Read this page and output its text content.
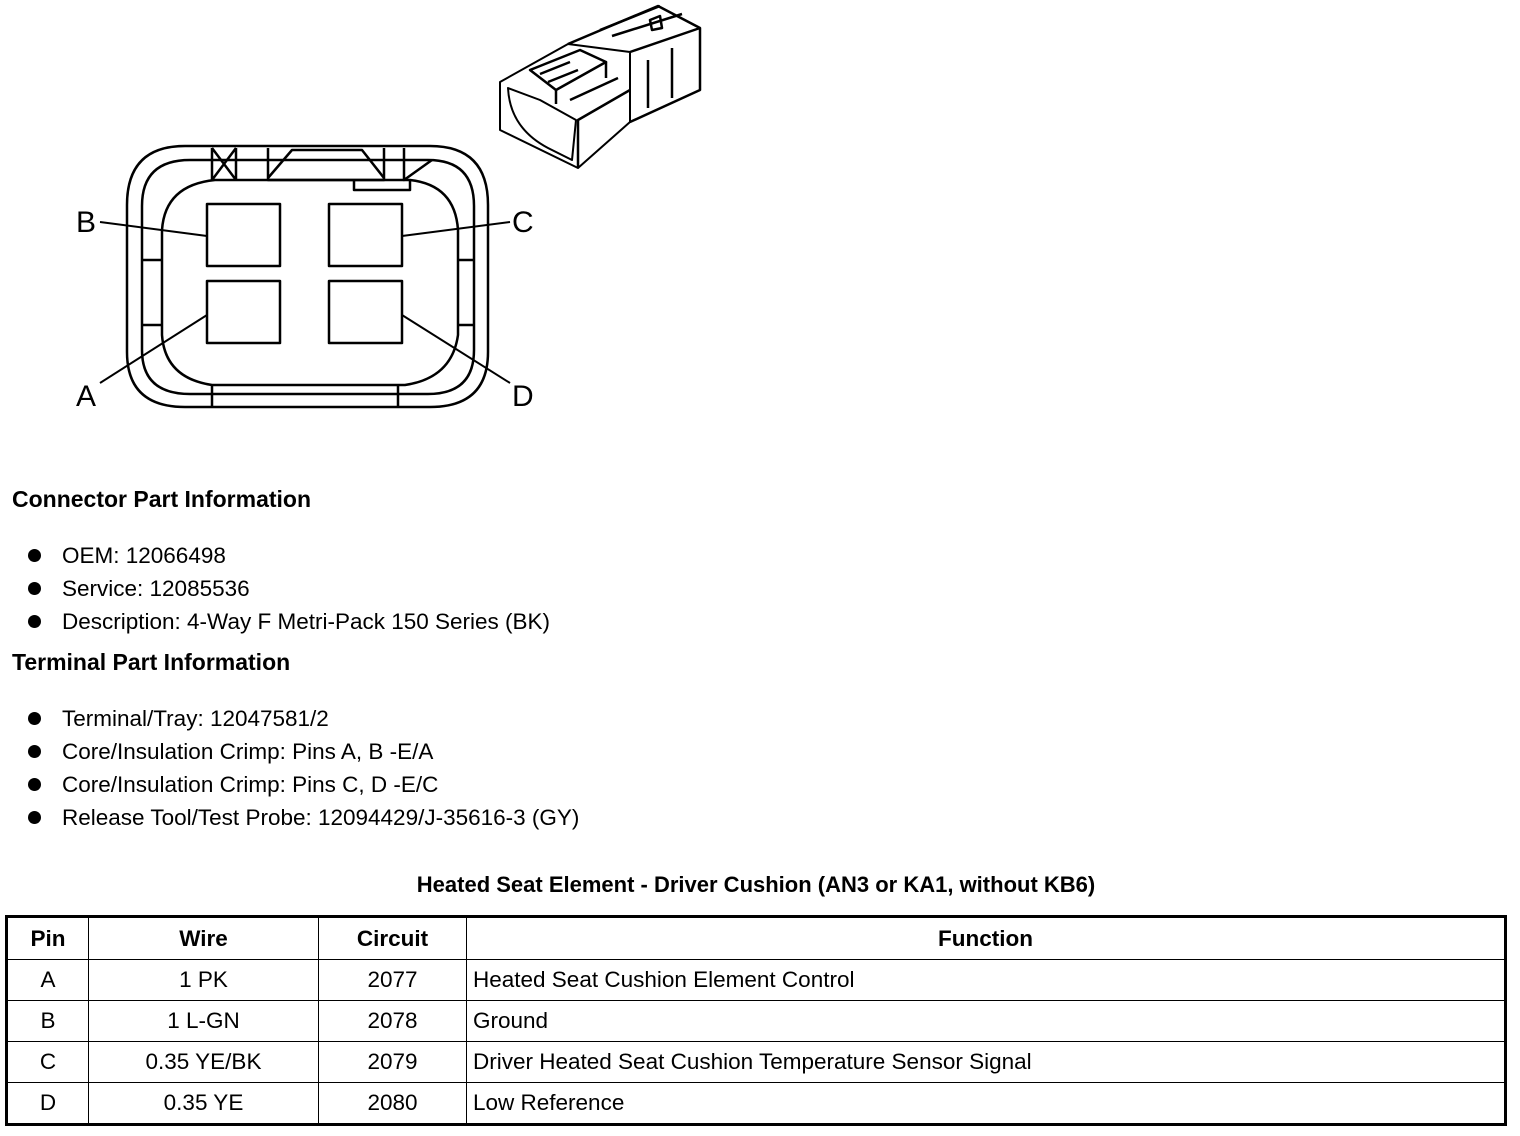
B	C
A	D
Connector Part Information
OEM: 12066498
Service: 12085536
Description: 4-Way F Metri-Pack 150 Series (BK)
Terminal Part Information
Terminal/Tray: 12047581/2
Core/Insulation Crimp: Pins A, B -E/A
Core/Insulation Crimp: Pins C, D -E/C
Release Tool/Test Probe: 12094429/J-35616-3 (GY)
Heated Seat Element - Driver Cushion (AN3 or KA1, without KB6)
Pin	Wire	Circuit	Function
A	1 PK	2077	Heated Seat Cushion Element Control
B	1 L-GN	2078	Ground
C	0.35 YE/BK	2079	Driver Heated Seat Cushion Temperature Sensor Signal
D	0.35 YE	2080	Low Reference
